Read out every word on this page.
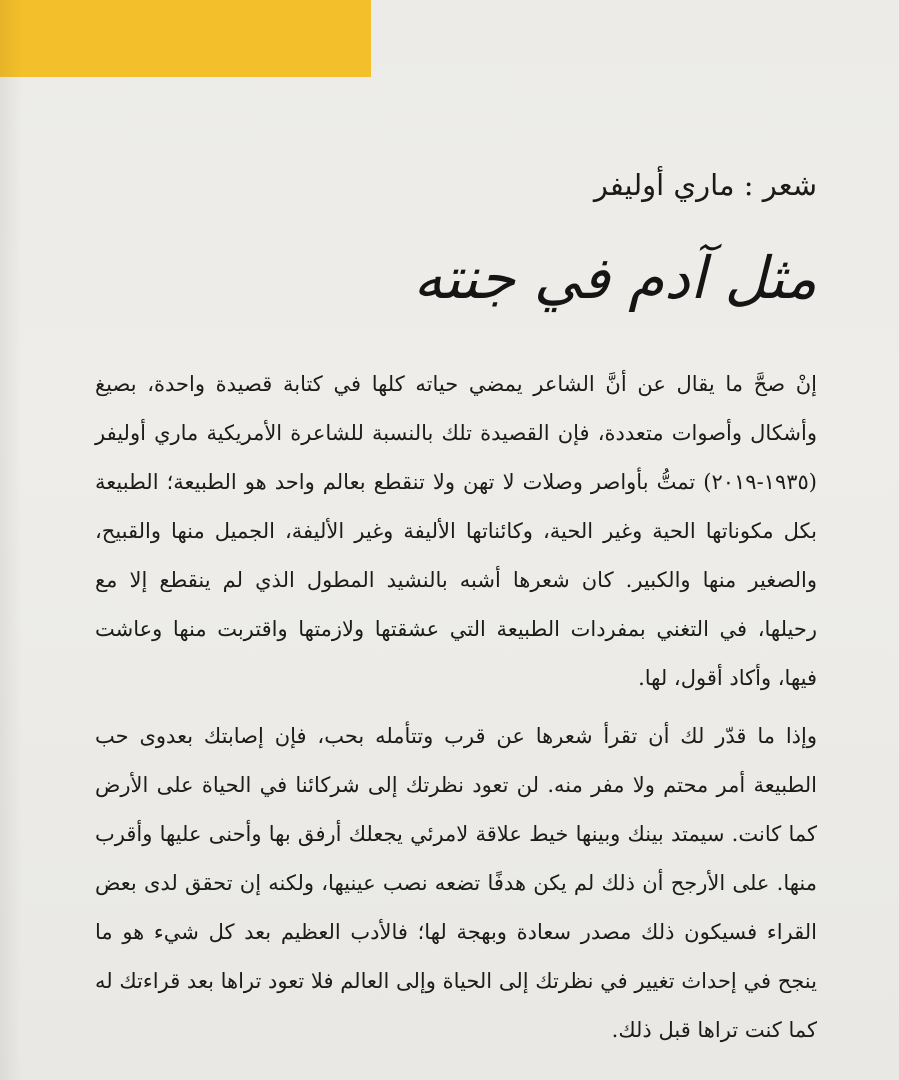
شعر : ماري أوليفر
مثل آدم في جنته
إنْ صحَّ ما يقال عن أنَّ الشاعر يمضي حياته كلها في كتابة قصيدة واحدة، بصيغ وأشكال وأصوات متعددة، فإن القصيدة تلك بالنسبة للشاعرة الأمريكية ماري أوليفر (١٩٣٥-٢٠١٩) تمتُّ بأواصر وصلات لا تهن ولا تنقطع بعالم واحد هو الطبيعة؛ الطبيعة بكل مكوناتها الحية وغير الحية، وكائناتها الأليفة وغير الأليفة، الجميل منها والقبيح، والصغير منها والكبير. كان شعرها أشبه بالنشيد المطول الذي لم ينقطع إلا مع رحيلها، في التغني بمفردات الطبيعة التي عشقتها ولازمتها واقتربت منها وعاشت فيها، وأكاد أقول، لها.
وإذا ما قدّر لك أن تقرأ شعرها عن قرب وتتأمله بحب، فإن إصابتك بعدوى حب الطبيعة أمر محتم ولا مفر منه. لن تعود نظرتك إلى شركائنا في الحياة على الأرض كما كانت. سيمتد بينك وبينها خيط علاقة لامرئي يجعلك أرفق بها وأحنى عليها وأقرب منها. على الأرجح أن ذلك لم يكن هدفًا تضعه نصب عينيها، ولكنه إن تحقق لدى بعض القراء فسيكون ذلك مصدر سعادة وبهجة لها؛ فالأدب العظيم بعد كل شيء هو ما ينجح في إحداث تغيير في نظرتك إلى الحياة وإلى العالم فلا تعود تراها بعد قراءتك له كما كنت تراها قبل ذلك.
